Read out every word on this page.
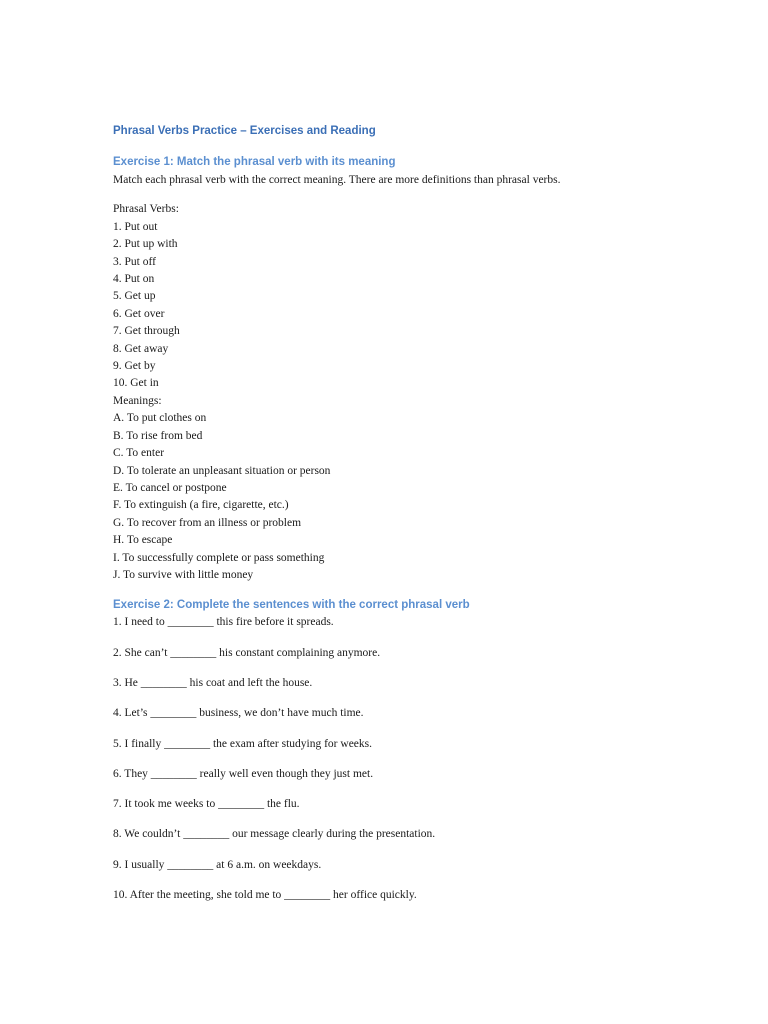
Phrasal Verbs Practice – Exercises and Reading

Exercise 1: Match the phrasal verb with its meaning

Match each phrasal verb with the correct meaning. There are more definitions than phrasal verbs.

Phrasal Verbs:

1. Put out
2. Put up with
3. Put off
4. Put on
5. Get up
6. Get over
7. Get through
8. Get away
9. Get by
10. Get in

Meanings:

A. To put clothes on
B. To rise from bed
C. To enter
D. To tolerate an unpleasant situation or person
E. To cancel or postpone
F. To extinguish (a fire, cigarette, etc.)
G. To recover from an illness or problem
H. To escape
I. To successfully complete or pass something
J. To survive with little money

Exercise 2: Complete the sentences with the correct phrasal verb

1. I need to ________ this fire before it spreads.
2. She can’t ________ his constant complaining anymore.
3. He ________ his coat and left the house.
4. Let’s ________ business, we don’t have much time.
5. I finally ________ the exam after studying for weeks.
6. They ________ really well even though they just met.
7. It took me weeks to ________ the flu.
8. We couldn’t ________ our message clearly during the presentation.
9. I usually ________ at 6 a.m. on weekdays.
10. After the meeting, she told me to ________ her office quickly.
